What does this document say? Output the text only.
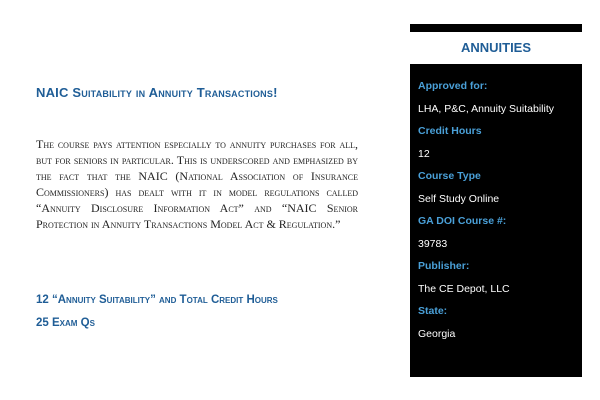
NAIC Suitability in Annuity Transactions!

The course pays attention especially to annuity purchases for all, but for seniors in particular. This is underscored and emphasized by the fact that the NAIC (National Association of Insurance Commissioners) has dealt with it in model regulations called “Annuity Disclosure Information Act” and “NAIC Senior Protection in Annuity Transactions Model Act & Regulation.”

12 “Annuity Suitability” and Total Credit Hours
25 Exam Qs
ANNUITIES
Approved for:
LHA, P&C, Annuity Suitability
Credit Hours
12
Course Type
Self Study Online
GA DOI Course #:
39783
Publisher:
The CE Depot, LLC
State:
Georgia
